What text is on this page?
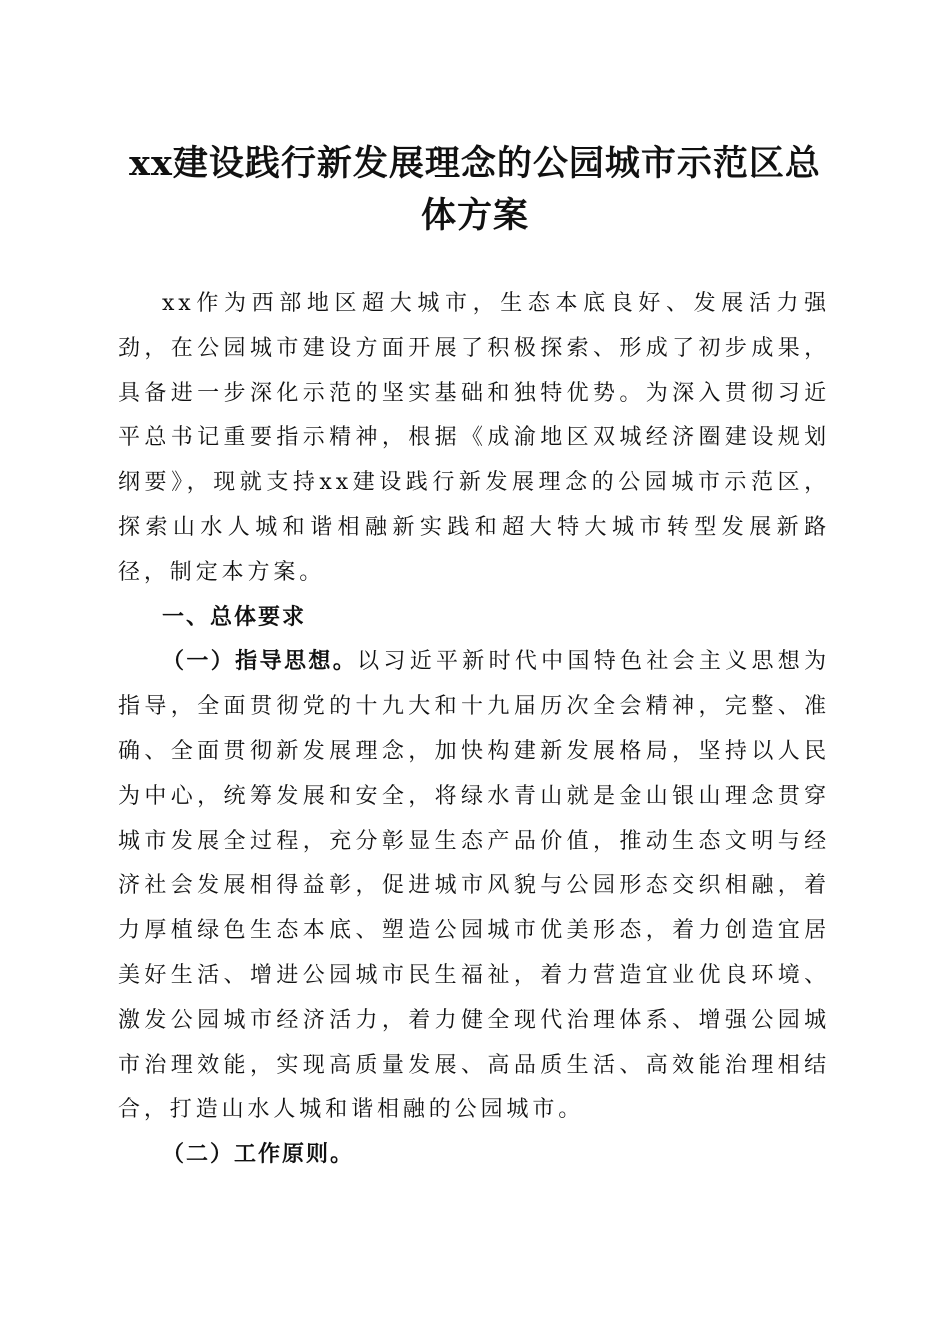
xx建设践行新发展理念的公园城市示范区总
体方案

xx作为西部地区超大城市，生态本底良好、发展活力强劲，在公园城市建设方面开展了积极探索、形成了初步成果，具备进一步深化示范的坚实基础和独特优势。为深入贯彻习近平总书记重要指示精神，根据《成渝地区双城经济圈建设规划纲要》，现就支持xx建设践行新发展理念的公园城市示范区，探索山水人城和谐相融新实践和超大特大城市转型发展新路径，制定本方案。

一、总体要求

（一）指导思想。以习近平新时代中国特色社会主义思想为指导，全面贯彻党的十九大和十九届历次全会精神，完整、准确、全面贯彻新发展理念，加快构建新发展格局，坚持以人民为中心，统筹发展和安全，将绿水青山就是金山银山理念贯穿城市发展全过程，充分彰显生态产品价值，推动生态文明与经济社会发展相得益彰，促进城市风貌与公园形态交织相融，着力厚植绿色生态本底、塑造公园城市优美形态，着力创造宜居美好生活、增进公园城市民生福祉，着力营造宜业优良环境、激发公园城市经济活力，着力健全现代治理体系、增强公园城市治理效能，实现高质量发展、高品质生活、高效能治理相结合，打造山水人城和谐相融的公园城市。

（二）工作原则。
